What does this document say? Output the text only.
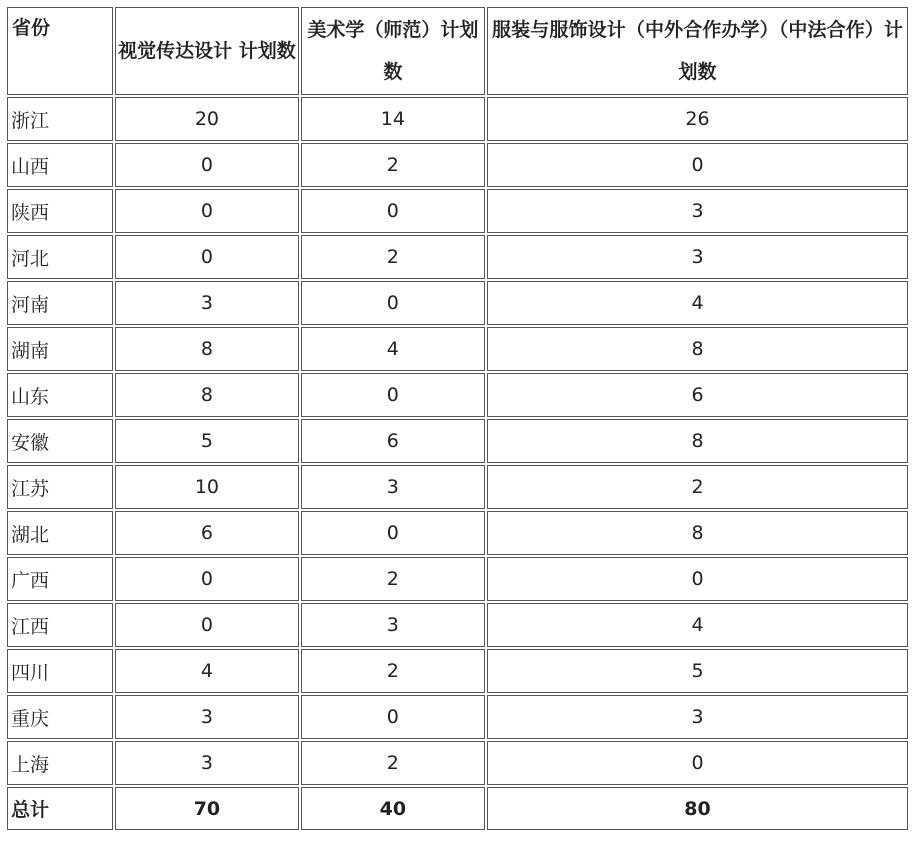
省份	视觉传达设计 计划数	美术学（师范）计划数	服装与服饰设计（中外合作办学）（中法合作）计划数
浙江	20	14	26
山西	0	2	0
陕西	0	0	3
河北	0	2	3
河南	3	0	4
湖南	8	4	8
山东	8	0	6
安徽	5	6	8
江苏	10	3	2
湖北	6	0	8
广西	0	2	0
江西	0	3	4
四川	4	2	5
重庆	3	0	3
上海	3	2	0
总计	70	40	80
